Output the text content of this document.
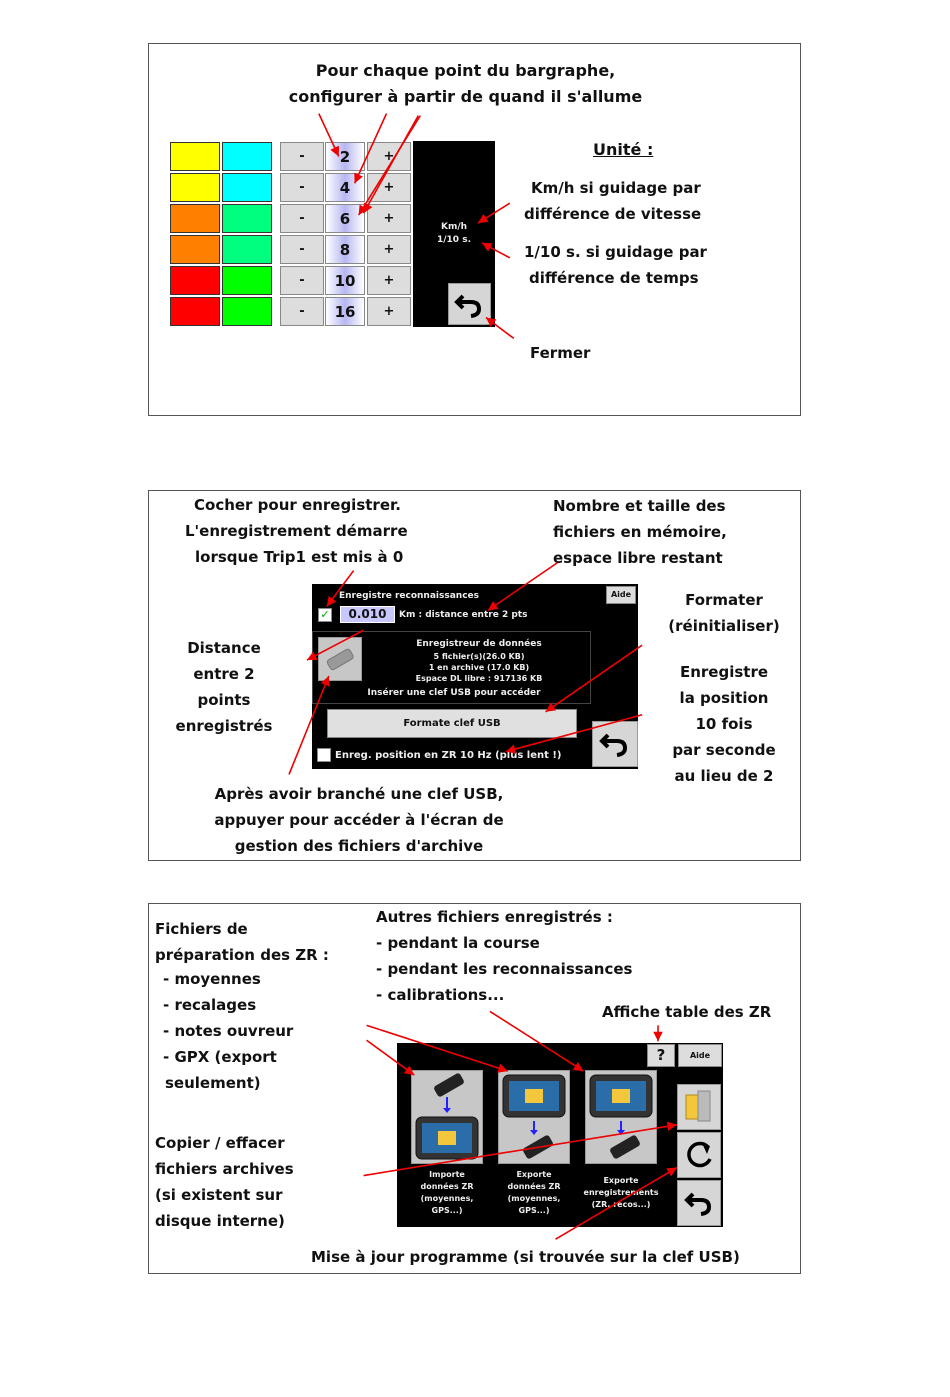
Pour chaque point du bargraphe,
configurer à partir de quand il s'allume
-	2	+
-	4	+
-	6	+
-	8	+
-	10	+
-	16	+
Km/h
1/10 s.
Unité :
Km/h si guidage par
différence de vitesse
1/10 s. si guidage par
différence de temps
Fermer
Cocher pour enregistrer.
L'enregistrement démarre
lorsque Trip1 est mis à 0
Nombre et taille des
fichiers en mémoire,
espace libre restant
Distance
entre 2
points
enregistrés
Formater
(réinitialiser)
Enregistre
la position
10 fois
par seconde
au lieu de 2
Après avoir branché une clef USB,
appuyer pour accéder à l'écran de
gestion des fichiers d'archive
Enregistre reconnaissances
✓	0.010	Km : distance entre 2 pts
Aide
Enregistreur de données
5 fichier(s)(26.0 KB)
1 en archive (17.0 KB)
Espace DL libre : 917136 KB
Insérer une clef USB pour accéder
Formate clef USB
Enreg. position en ZR 10 Hz (plus lent !)
Fichiers de
préparation des ZR :
- moyennes
- recalages
- notes ouvreur
- GPX (export
seulement)
Autres fichiers enregistrés :
- pendant la course
- pendant les reconnaissances
- calibrations...
Affiche table des ZR
Copier / effacer
fichiers archives
(si existent sur
disque interne)
Mise à jour programme (si trouvée sur la clef USB)
?	Aide
Importe
données ZR
(moyennes,
GPS...)
Exporte
données ZR
(moyennes,
GPS...)
Exporte
enregistrements
(ZR, recos...)
